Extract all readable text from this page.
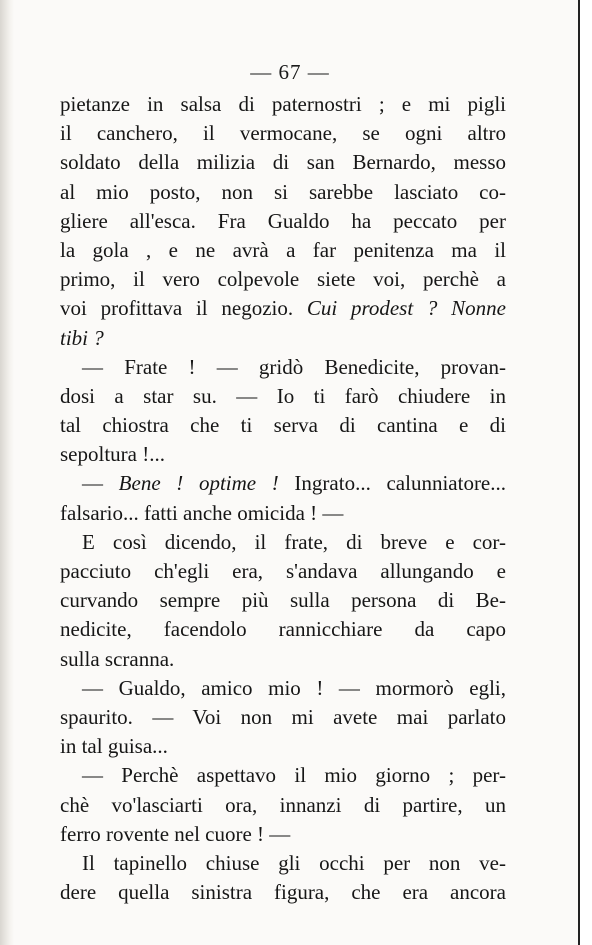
— 67 —
pietanze in salsa di paternostri ; e mi pigli
il canchero, il vermocane, se ogni altro
soldato della milizia di san Bernardo, messo
al mio posto, non si sarebbe lasciato co-
gliere all'esca. Fra Gualdo ha peccato per
la gola , e ne avrà a far penitenza ma il
primo, il vero colpevole siete voi, perchè a
voi profittava il negozio. Cui prodest ? Nonne
tibi ?
— Frate ! — gridò Benedicite, provan-
dosi a star su. — Io ti farò chiudere in
tal chiostra che ti serva di cantina e di
sepoltura !...
— Bene ! optime ! Ingrato... calunniatore...
falsario... fatti anche omicida ! —
E così dicendo, il frate, di breve e cor-
pacciuto ch'egli era, s'andava allungando e
curvando sempre più sulla persona di Be-
nedicite, facendolo rannicchiare da capo
sulla scranna.
— Gualdo, amico mio ! — mormorò egli,
spaurito. — Voi non mi avete mai parlato
in tal guisa...
— Perchè aspettavo il mio giorno ; per-
chè vo'lasciarti ora, innanzi di partire, un
ferro rovente nel cuore ! —
Il tapinello chiuse gli occhi per non ve-
dere quella sinistra figura, che era ancora
